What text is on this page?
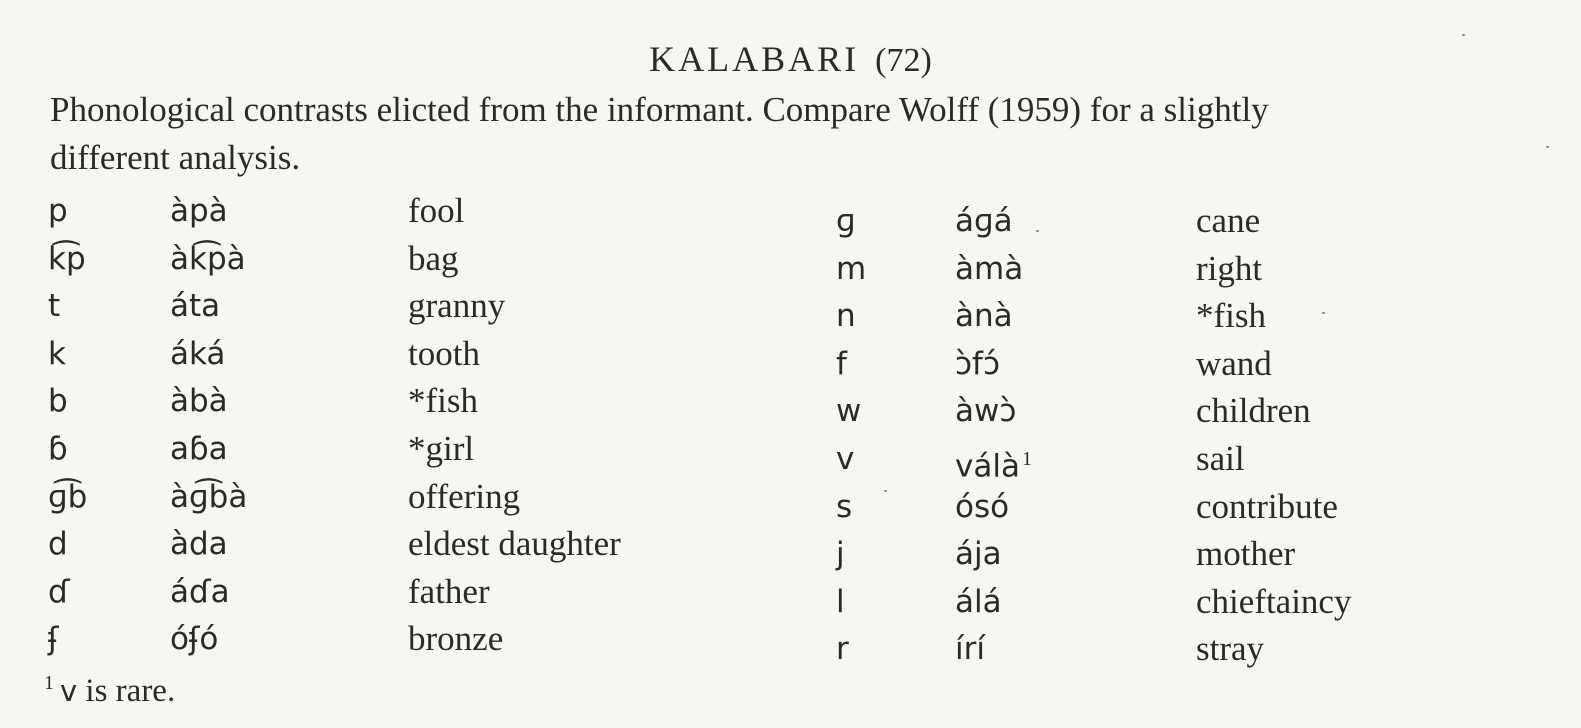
KALABARI (72)
Phonological contrasts elicted from the informant. Compare Wolff (1959) for a slightly
different analysis.
p	àpà	fool
k͡p	àk͡pà	bag
t	áta	granny
k	áká	tooth
b	àbà	*fish
ɓ	aɓa	*girl
ɡ͡b	àɡ͡bà	offering
d	àda	eldest daughter
ɗ	áɗa	father
ʄ	óʄó	bronze
ɡ	áɡá	cane
m	àmà	right
n	ànà	*fish
f	ɔ̀fɔ́	wand
w	àwɔ̀	children
v	válà $^1$	sail
s	ósó	contribute
j	ája	mother
l	álá	chieftaincy
r	írí	stray
$^1$ v is rare.
